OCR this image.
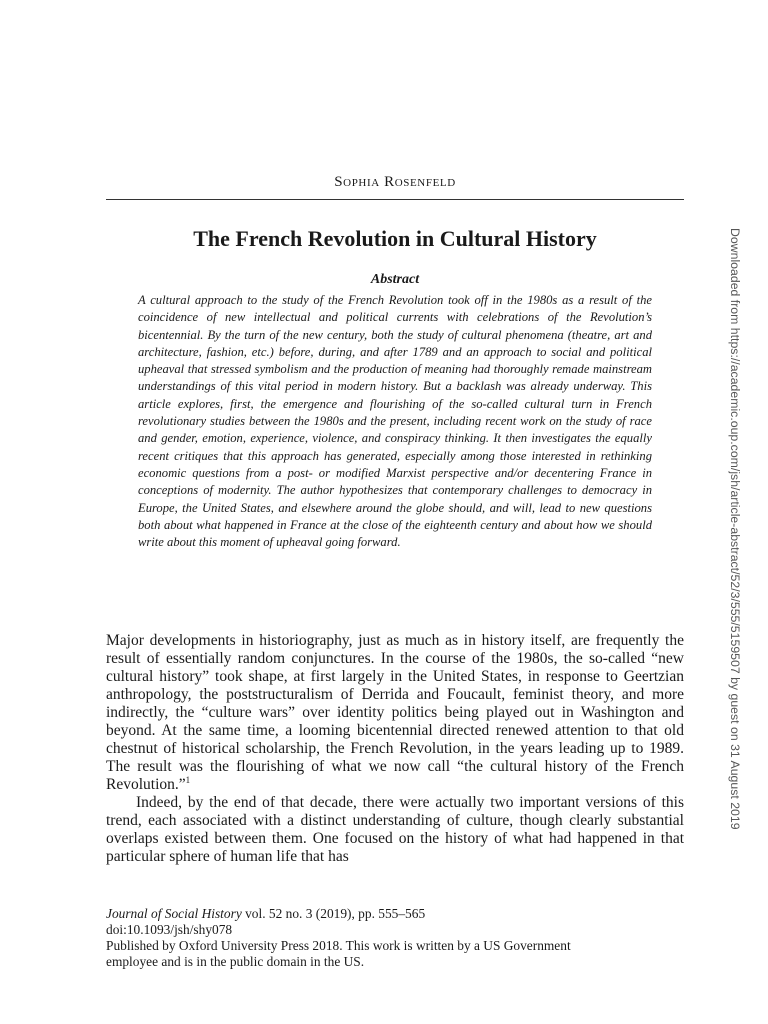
Sophia Rosenfeld
The French Revolution in Cultural History
Abstract

A cultural approach to the study of the French Revolution took off in the 1980s as a result of the coincidence of new intellectual and political currents with celebrations of the Revolution’s bicentennial. By the turn of the new century, both the study of cultural phenomena (theatre, art and architecture, fashion, etc.) before, during, and after 1789 and an approach to social and political upheaval that stressed symbolism and the production of meaning had thoroughly remade mainstream understandings of this vital period in modern history. But a backlash was already underway. This article explores, first, the emergence and flourishing of the so-called cultural turn in French revolutionary studies between the 1980s and the present, including recent work on the study of race and gender, emotion, experience, violence, and conspiracy thinking. It then investigates the equally recent critiques that this approach has generated, especially among those interested in rethinking economic questions from a post- or modified Marxist perspective and/or decentering France in conceptions of modernity. The author hypothesizes that contemporary challenges to democracy in Europe, the United States, and elsewhere around the globe should, and will, lead to new questions both about what happened in France at the close of the eighteenth century and about how we should write about this moment of upheaval going forward.

Major developments in historiography, just as much as in history itself, are frequently the result of essentially random conjunctures. In the course of the 1980s, the so-called “new cultural history” took shape, at first largely in the United States, in response to Geertzian anthropology, the poststructuralism of Derrida and Foucault, feminist theory, and more indirectly, the “culture wars” over identity politics being played out in Washington and beyond. At the same time, a looming bicentennial directed renewed attention to that old chestnut of historical scholarship, the French Revolution, in the years leading up to 1989. The result was the flourishing of what we now call “the cultural history of the French Revolution.”$^1$

Indeed, by the end of that decade, there were actually two important versions of this trend, each associated with a distinct understanding of culture, though clearly substantial overlaps existed between them. One focused on the history of what had happened in that particular sphere of human life that has

Journal of Social History vol. 52 no. 3 (2019), pp. 555–565
doi:10.1093/jsh/shy078
Published by Oxford University Press 2018. This work is written by a US Government
employee and is in the public domain in the US.
Downloaded from https://academic.oup.com/jsh/article-abstract/52/3/555/5159507 by guest on 31 August 2019
